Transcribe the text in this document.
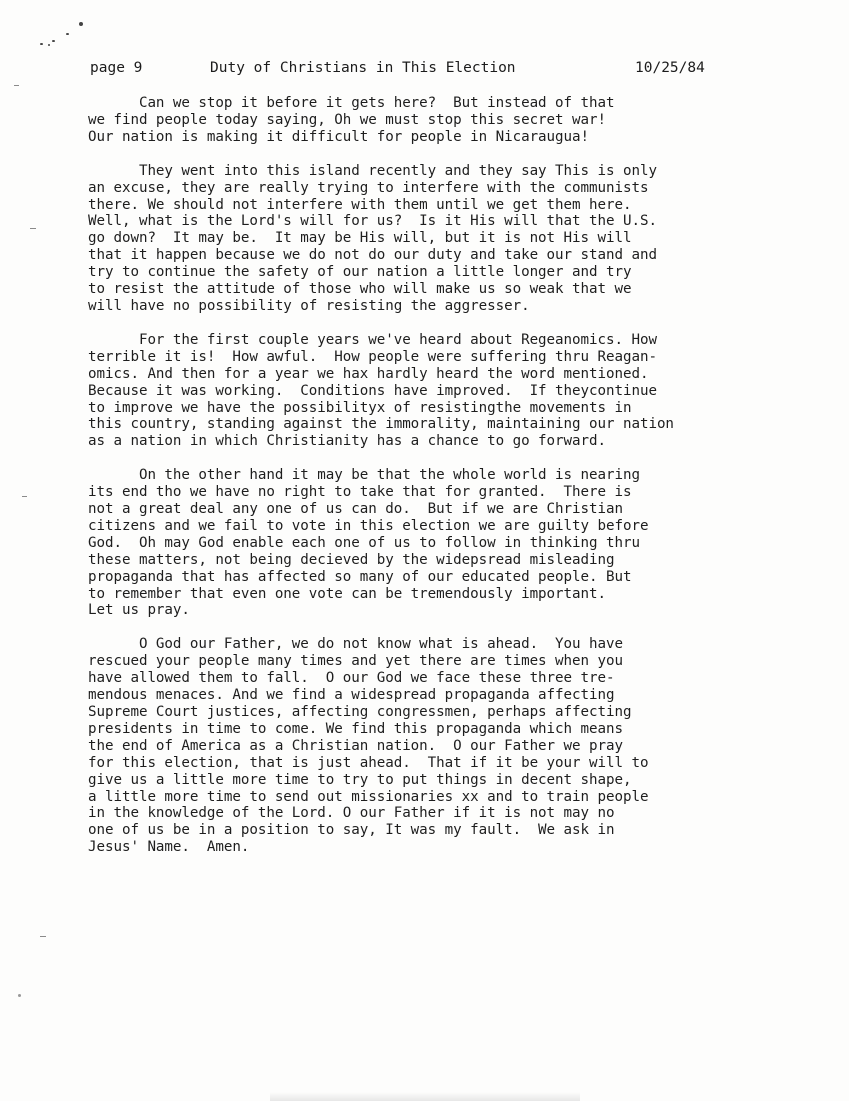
page 9	Duty of Christians in This Election	10/25/84
Can we stop it before it gets here?  But instead of that
we find people today saying, Oh we must stop this secret war!
Our nation is making it difficult for people in Nicaraugua!
They went into this island recently and they say This is only
an excuse, they are really trying to interfere with the communists
there. We should not interfere with them until we get them here.
Well, what is the Lord's will for us?  Is it His will that the U.S.
go down?  It may be.  It may be His will, but it is not His will
that it happen because we do not do our duty and take our stand and
try to continue the safety of our nation a little longer and try
to resist the attitude of those who will make us so weak that we
will have no possibility of resisting the aggresser.
For the first couple years we've heard about Regeanomics. How
terrible it is!  How awful.  How people were suffering thru Reagan-
omics. And then for a year we hax hardly heard the word mentioned.
Because it was working.  Conditions have improved.  If theycontinue
to improve we have the possibilityx of resistingthe movements in
this country, standing against the immorality, maintaining our nation
as a nation in which Christianity has a chance to go forward.
On the other hand it may be that the whole world is nearing
its end tho we have no right to take that for granted.  There is
not a great deal any one of us can do.  But if we are Christian
citizens and we fail to vote in this election we are guilty before
God.  Oh may God enable each one of us to follow in thinking thru
these matters, not being decieved by the widepsread misleading
propaganda that has affected so many of our educated people. But
to remember that even one vote can be tremendously important.
Let us pray.
O God our Father, we do not know what is ahead.  You have
rescued your people many times and yet there are times when you
have allowed them to fall.  O our God we face these three tre-
mendous menaces. And we find a widespread propaganda affecting
Supreme Court justices, affecting congressmen, perhaps affecting
presidents in time to come. We find this propaganda which means
the end of America as a Christian nation.  O our Father we pray
for this election, that is just ahead.  That if it be your will to
give us a little more time to try to put things in decent shape,
a little more time to send out missionaries xx and to train people
in the knowledge of the Lord. O our Father if it is not may no
one of us be in a position to say, It was my fault.  We ask in
Jesus' Name.  Amen.
